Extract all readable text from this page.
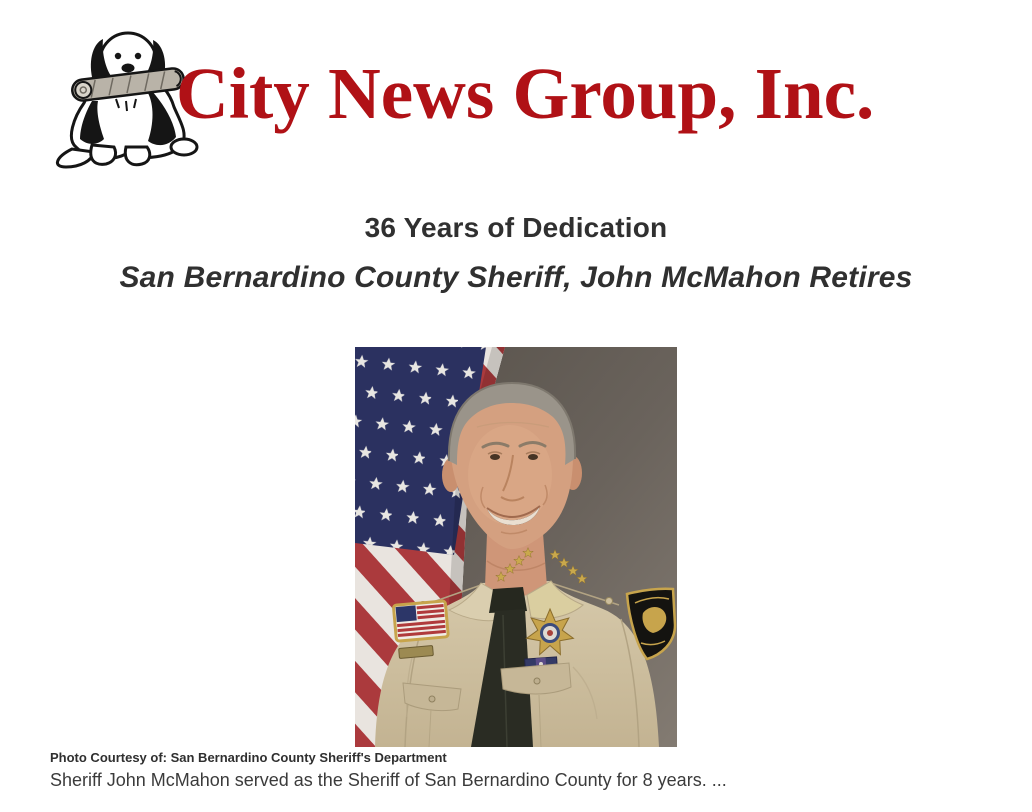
City News Group, Inc.
36 Years of Dedication
San Bernardino County Sheriff, John McMahon Retires
Photo Courtesy of: San Bernardino County Sheriff's Department
Sheriff John McMahon served as the Sheriff of San Bernardino County for 8 years. ...
